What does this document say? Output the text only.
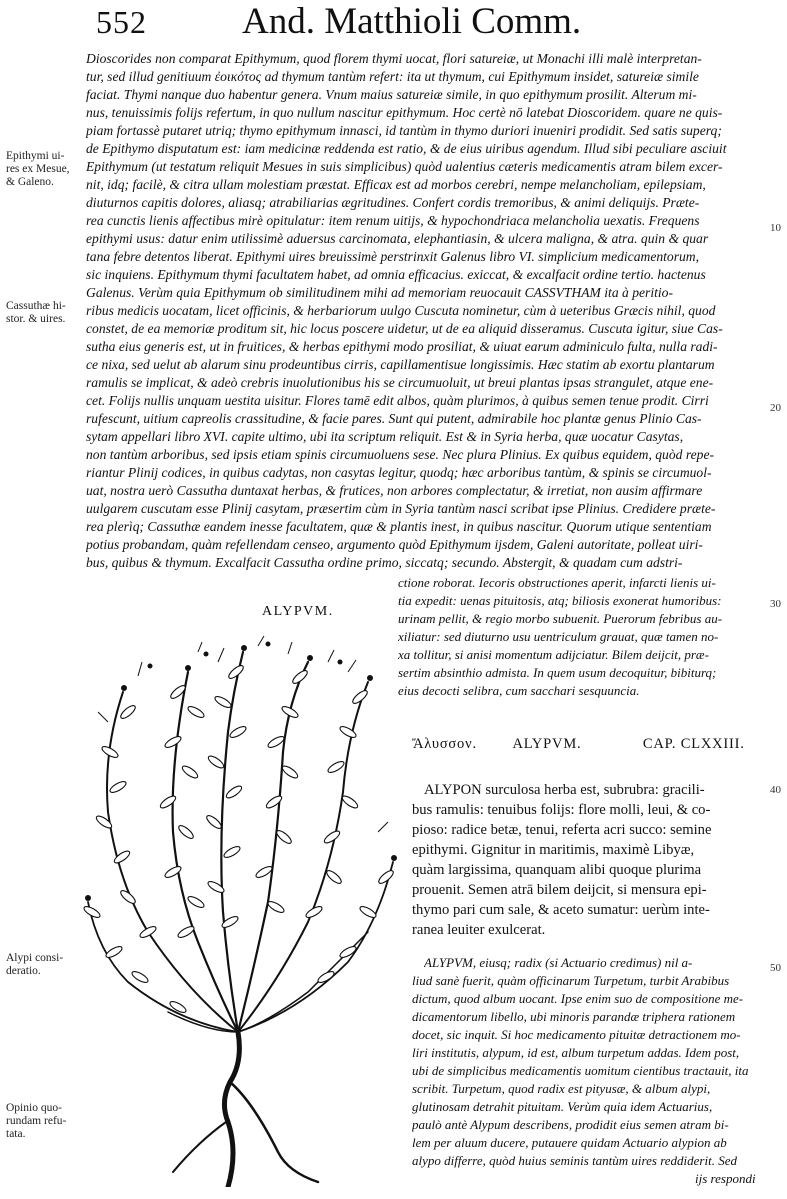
552	And. Matthioli Comm.
Dioscorides non comparat Epithymum, quod florem thymi uocat, flori satureiæ, ut Monachi illi malè interpretan-
tur, sed illud genitiuum ἐοικότος ad thymum tantùm refert: ita ut thymum, cui Epithymum insidet, satureiæ simile
faciat. Thymi nanque duo habentur genera. Vnum maius satureiæ simile, in quo epithymum prosilit. Alterum mi-
nus, tenuissimis folijs refertum, in quo nullum nascitur epithymum. Hoc certè nō latebat Dioscoridem. quare ne quis-
piam fortassè putaret utriq; thymo epithymum innasci, id tantùm in thymo duriori inueniri prodidit. Sed satis superq;
de Epithymo disputatum est: iam medicinæ reddenda est ratio, & de eius uiribus agendum. Illud sibi peculiare asciuit
Epithymum (ut testatum reliquit Mesues in suis simplicibus) quòd ualentius cæteris medicamentis atram bilem excer-
nit, idq; facilè, & citra ullam molestiam præstat. Efficax est ad morbos cerebri, nempe melancholiam, epilepsiam,
diuturnos capitis dolores, aliasq; atrabiliarias ægritudines. Confert cordis tremoribus, & animi deliquijs. Præte-
rea cunctis lienis affectibus mirè opitulatur: item renum uitijs, & hypochondriaca melancholia uexatis. Frequens
epithymi usus: datur enim utilissimè aduersus carcinomata, elephantiasin, & ulcera maligna, & atra. quin & quar
tana febre detentos liberat. Epithymi uires breuissimè perstrinxit Galenus libro VI. simplicium medicamentorum,
sic inquiens. Epithymum thymi facultatem habet, ad omnia efficacius. exiccat, & excalfacit ordine tertio. hactenus
Galenus. Verùm quia Epithymum ob similitudinem mihi ad memoriam reuocauit CASSVTHAM ita à peritio-
ribus medicis uocatam, licet officinis, & herbariorum uulgo Cuscuta nominetur, cùm à ueteribus Græcis nihil, quod
constet, de ea memoriæ proditum sit, hic locus poscere uidetur, ut de ea aliquid disseramus. Cuscuta igitur, siue Cas-
sutha eius generis est, ut in fruitices, & herbas epithymi modo prosiliat, & uiuat earum adminiculo fulta, nulla radi-
ce nixa, sed uelut ab alarum sinu prodeuntibus cirris, capillamentisue longissimis. Hæc statim ab exortu plantarum
ramulis se implicat, & adeò crebris inuolutionibus his se circumuoluit, ut breui plantas ipsas strangulet, atque ene-
cet. Folijs nullis unquam uestita uisitur. Flores tamē edit albos, quàm plurimos, à quibus semen tenue prodit. Cirri
rufescunt, uitium capreolis crassitudine, & facie pares. Sunt qui putent, admirabile hoc plantæ genus Plinio Cas-
sytam appellari libro XVI. capite ultimo, ubi ita scriptum reliquit. Est & in Syria herba, quæ uocatur Casytas,
non tantùm arboribus, sed ipsis etiam spinis circumuoluens sese. Nec plura Plinius. Ex quibus equidem, quòd repe-
riantur Plinij codices, in quibus cadytas, non casytas legitur, quodq; hæc arboribus tantùm, & spinis se circumuol-
uat, nostra uerò Cassutha duntaxat herbas, & frutices, non arbores complectatur, & irretiat, non ausim affirmare
uulgarem cuscutam esse Plinij casytam, præsertim cùm in Syria tantùm nasci scribat ipse Plinius. Credidere præte-
rea plerìq; Cassuthæ eandem inesse facultatem, quæ & plantis inest, in quibus nascitur. Quorum utique sententiam
potius probandam, quàm refellendam censeo, argumento quòd Epithymum ijsdem, Galeni autoritate, polleat uiri-
bus, quibus & thymum. Excalfacit Cassutha ordine primo, siccatq; secundo. Abstergit, & quadam cum adstri-
ctione roborat. Iecoris obstructiones aperit, infarcti lienis ui-
tia expedit: uenas pituitosis, atq; biliosis exonerat humoribus:
urinam pellit, & regio morbo subuenit. Puerorum febribus au-
xiliatur: sed diuturno usu uentriculum grauat, quæ tamen no-
xa tollitur, si anisi momentum adijciatur. Bilem deijcit, præ-
sertim absinthio admista. In quem usum decoquitur, bibiturq;
eius decocti selibra, cum sacchari sesquuncia.
Ἄλυσσον. ALYPVM.	CAP. CLXXIII.
ALYPON surculosa herba est, subrubra: gracili-
bus ramulis: tenuibus folijs: flore molli, leui, & co-
pioso: radice betæ, tenui, referta acri succo: semine
epithymi. Gignitur in maritimis, maximè Libyæ,
quàm largissima, quanquam alibi quoque plurima
prouenit. Semen atrā bilem deijcit, si mensura epi-
thymo pari cum sale, & aceto sumatur: uerùm inte-
ranea leuiter exulcerat.
ALYPVM, eiusq; radix (si Actuario credimus) nil a-
liud sanè fuerit, quàm officinarum Turpetum, turbit Arabibus
dictum, quod album uocant. Ipse enim suo de compositione me-
dicamentorum libello, ubi minoris parandæ triphera rationem
docet, sic inquit. Si hoc medicamento pituitæ detractionem mo-
liri institutis, alypum, id est, album turpetum addas. Idem post,
ubi de simplicibus medicamentis uomitum cientibus tractauit, ita
scribit. Turpetum, quod radix est pityusæ, & album alypi,
glutinosam detrahit pituitam. Verùm quia idem Actuarius,
paulò antè Alypum describens, prodidit eius semen atram bi-
lem per aluum ducere, putauere quidam Actuario alypion ab
alypo differre, quòd huius seminis tantùm uires reddiderit. Sed
ijs respondi
ALYPVM.
Epithymi ui-
res ex Mesue,
& Galeno.
Cassuthæ hi-
stor. & uires.
Alypi consi-
deratio.
Opinio quo-
rundam refu-
tata.
10
20
30
40
50
